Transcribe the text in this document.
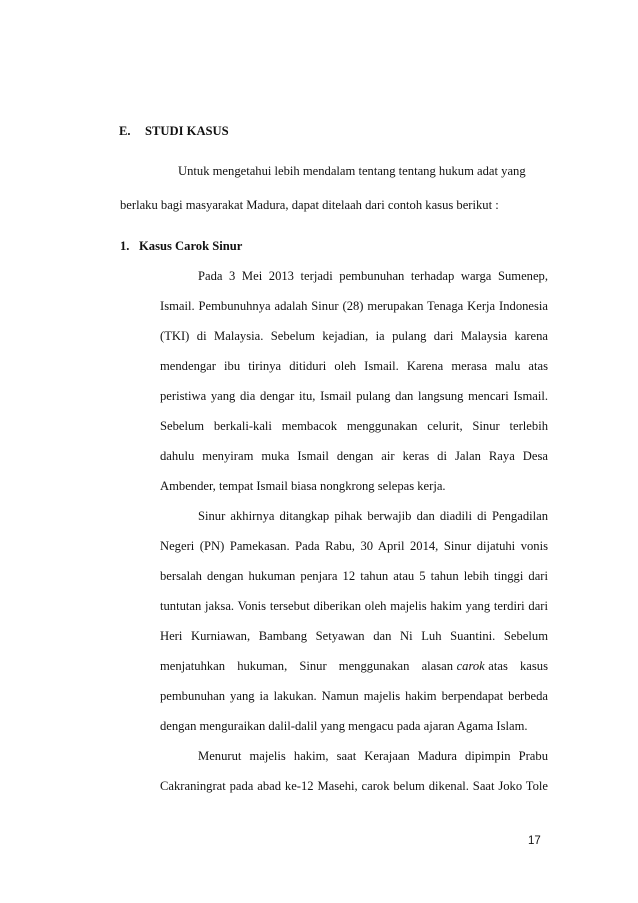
E. STUDI KASUS
Untuk mengetahui lebih mendalam tentang tentang hukum adat yang
berlaku bagi masyarakat Madura, dapat ditelaah dari contoh kasus berikut :
1. Kasus Carok Sinur
Pada 3 Mei 2013 terjadi pembunuhan terhadap warga Sumenep,
Ismail. Pembunuhnya adalah Sinur (28) merupakan Tenaga Kerja Indonesia
(TKI) di Malaysia. Sebelum kejadian, ia pulang dari Malaysia karena
mendengar ibu tirinya ditiduri oleh Ismail. Karena merasa malu atas
peristiwa yang dia dengar itu, Ismail pulang dan langsung mencari Ismail.
Sebelum berkali-kali membacok menggunakan celurit, Sinur terlebih
dahulu menyiram muka Ismail dengan air keras di Jalan Raya Desa
Ambender, tempat Ismail biasa nongkrong selepas kerja.
Sinur akhirnya ditangkap pihak berwajib dan diadili di Pengadilan
Negeri (PN) Pamekasan. Pada Rabu, 30 April 2014, Sinur dijatuhi vonis
bersalah dengan hukuman penjara 12 tahun atau 5 tahun lebih tinggi dari
tuntutan jaksa. Vonis tersebut diberikan oleh majelis hakim yang terdiri dari
Heri Kurniawan, Bambang Setyawan dan Ni Luh Suantini. Sebelum
menjatuhkan hukuman, Sinur menggunakan alasan carok atas kasus
pembunuhan yang ia lakukan. Namun majelis hakim berpendapat berbeda
dengan menguraikan dalil-dalil yang mengacu pada ajaran Agama Islam.
Menurut majelis hakim, saat Kerajaan Madura dipimpin Prabu
Cakraningrat pada abad ke-12 Masehi, carok belum dikenal. Saat Joko Tole
17
